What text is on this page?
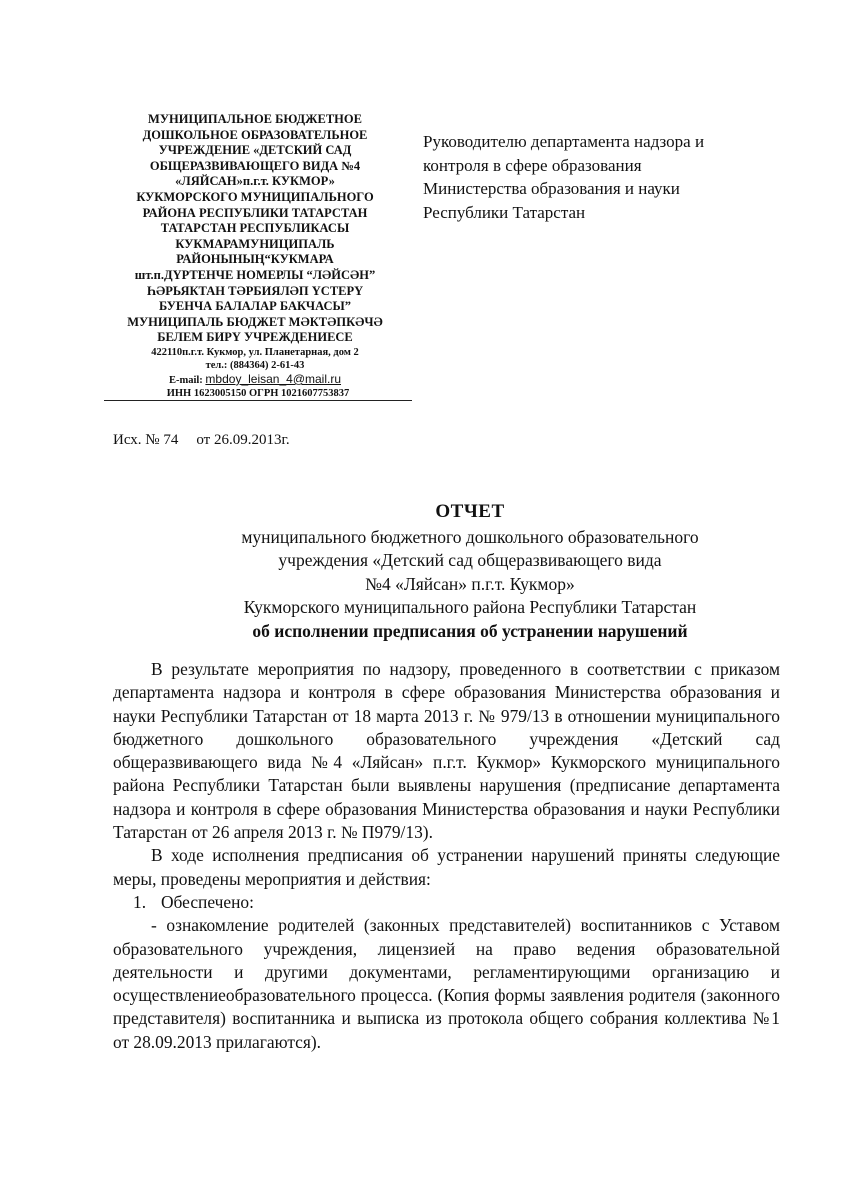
МУНИЦИПАЛЬНОЕ БЮДЖЕТНОЕ
ДОШКОЛЬНОЕ ОБРАЗОВАТЕЛЬНОЕ
УЧРЕЖДЕНИЕ «ДЕТСКИЙ САД
ОБЩЕРАЗВИВАЮЩЕГО ВИДА №4
«ЛЯЙСАН»п.г.т. КУКМОР»
КУКМОРСКОГО МУНИЦИПАЛЬНОГО
РАЙОНА РЕСПУБЛИКИ ТАТАРСТАН
ТАТАРСТАН РЕСПУБЛИКАСЫ
КУКМАРАМУНИЦИПАЛЬ
РАЙОНЫНЫҢ“КУКМАРА
шт.п.ДҮРТЕНЧЕ НОМЕРЛЫ “ЛӘЙСӘН”
ҺӘРЬЯКТАН ТӘРБИЯЛӘП ҮСТЕРҮ
БУЕНЧА БАЛАЛАР БАКЧАСЫ”
МУНИЦИПАЛЬ БЮДЖЕТ МӘКТӘПКӘЧӘ
БЕЛЕМ БИРҮ УЧРЕЖДЕНИЕСЕ
422110п.г.т. Кукмор, ул. Планетарная, дом 2
тел.: (884364) 2-61-43
E-mail: mbdoy_leisan_4@mail.ru
ИНН 1623005150 ОГРН 1021607753837
Руководителю департамента надзора и
контроля в сфере образования
Министерства образования и науки
Республики Татарстан
Исх. № 74 от 26.09.2013г.
ОТЧЕТ
муниципального бюджетного дошкольного образовательного
учреждения «Детский сад общеразвивающего вида
№4 «Ляйсан» п.г.т. Кукмор»
Кукморского муниципального района Республики Татарстан
об исполнении предписания об устранении нарушений

В результате мероприятия по надзору, проведенного в соответствии с приказом департамента надзора и контроля в сфере образования Министерства образования и науки Республики Татарстан от 18 марта 2013 г. № 979/13 в отношении муниципального бюджетного дошкольного образовательного учреждения «Детский сад общеразвивающего вида №4 «Ляйсан» п.г.т. Кукмор» Кукморского муниципального района Республики Татарстан были выявлены нарушения (предписание департамента надзора и контроля в сфере образования Министерства образования и науки Республики Татарстан от 26 апреля 2013 г. № П979/13).

В ходе исполнения предписания об устранении нарушений приняты следующие меры, проведены мероприятия и действия:

1. Обеспечено:

- ознакомление родителей (законных представителей) воспитанников с Уставом образовательного учреждения, лицензией на право ведения образовательной деятельности и другими документами, регламентирующими организацию и осуществлениеобразовательного процесса. (Копия формы заявления родителя (законного представителя) воспитанника и выписка из протокола общего собрания коллектива №1 от 28.09.2013 прилагаются).
